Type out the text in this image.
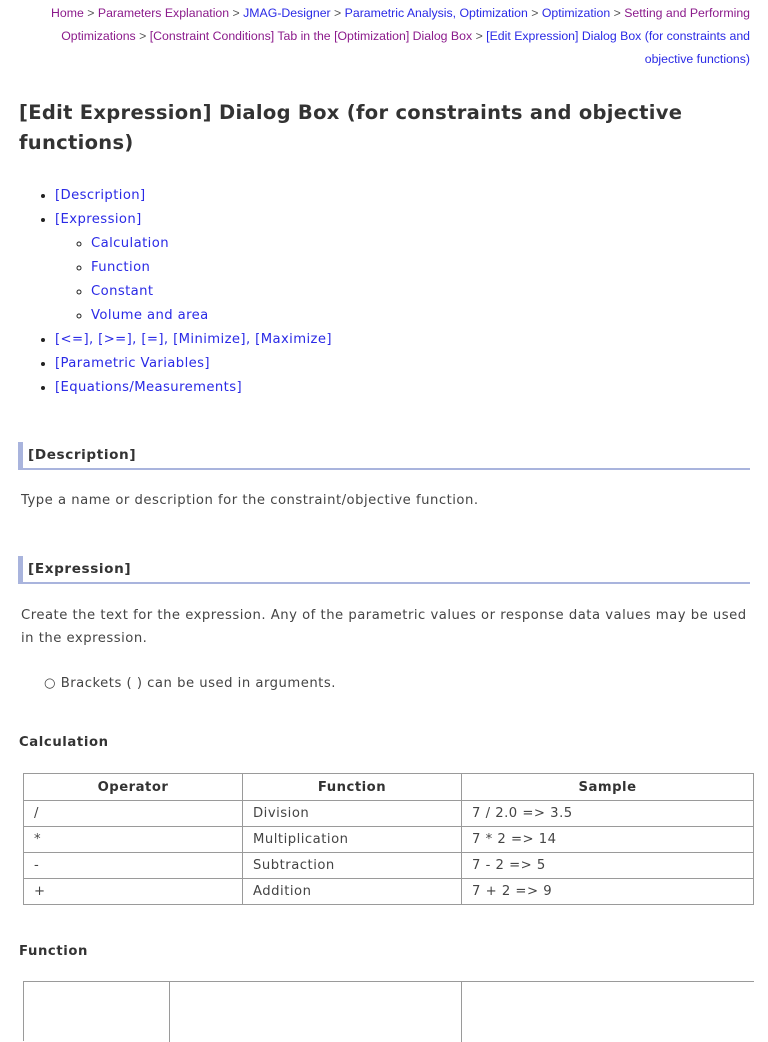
Home > Parameters Explanation > JMAG-Designer > Parametric Analysis, Optimization > Optimization > Setting and Performing Optimizations > [Constraint Conditions] Tab in the [Optimization] Dialog Box > [Edit Expression] Dialog Box (for constraints and objective functions)
[Edit Expression] Dialog Box (for constraints and objective functions)
• [Description]
• [Expression]
◦ Calculation
◦ Function
◦ Constant
◦ Volume and area
• [<=], [>=], [=], [Minimize], [Maximize]
• [Parametric Variables]
• [Equations/Measurements]
[Description]

Type a name or description for the constraint/objective function.

[Expression]

Create the text for the expression. Any of the parametric values or response data values may be used in the expression.

○ Brackets ( ) can be used in arguments.
Calculation
Operator	Function	Sample
/	Division	7 / 2.0 => 3.5
*	Multiplication	7 * 2 => 14
-	Subtraction	7 - 2 => 5
+	Addition	7 + 2 => 9
Function
